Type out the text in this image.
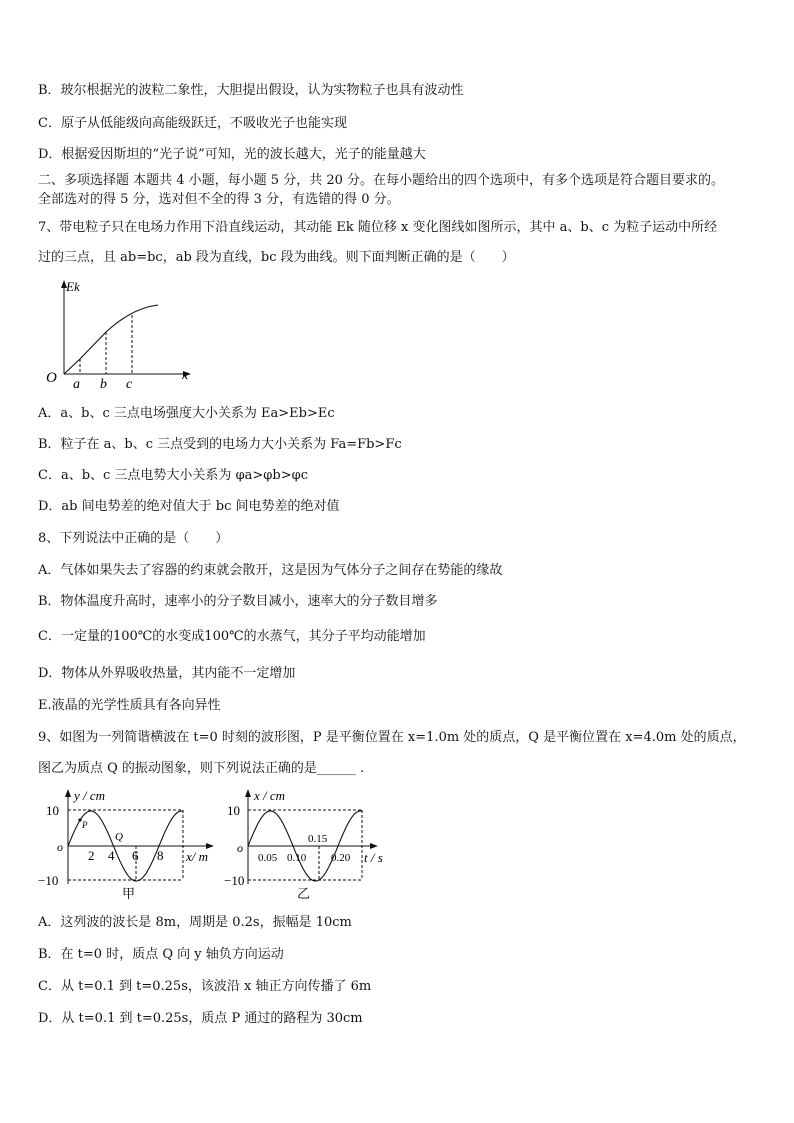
B．玻尔根据光的波粒二象性，大胆提出假设，认为实物粒子也具有波动性
C．原子从低能级向高能级跃迁，不吸收光子也能实现
D．根据爱因斯坦的“光子说”可知，光的波长越大，光子的能量越大
二、多项选择题 本题共 4 小题，每小题 5 分，共 20 分。在每小题给出的四个选项中，有多个选项是符合题目要求的。
全部选对的得 5 分，选对但不全的得 3 分，有选错的得 0 分。
7、带电粒子只在电场力作用下沿直线运动，其动能 Ek 随位移 x 变化图线如图所示，其中 a、b、c 为粒子运动中所经
过的三点，且 ab=bc，ab 段为直线，bc 段为曲线。则下面判断正确的是（　　）
Ek
x
O a b c
A．a、b、c 三点电场强度大小关系为 Ea>Eb>Ec
B．粒子在 a、b、c 三点受到的电场力大小关系为 Fa=Fb>Fc
C．a、b、c 三点电势大小关系为 φa>φb>φc
D．ab 间电势差的绝对值大于 bc 间电势差的绝对值
8、下列说法中正确的是（　　）
A．气体如果失去了容器的约束就会散开，这是因为气体分子之间存在势能的缘故
B．物体温度升高时，速率小的分子数目减小，速率大的分子数目增多
C．一定量的100℃的水变成100℃的水蒸气，其分子平均动能增加
D．物体从外界吸收热量，其内能不一定增加
E.液晶的光学性质具有各向异性
9、如图为一列简谐横波在 t=0 时刻的波形图，P 是平衡位置在 x=1.0m 处的质点，Q 是平衡位置在 x=4.0m 处的质点，
图乙为质点 Q 的振动图象，则下列说法正确的是______ .
y / cm
10
−10
o
P
Q
2 4 6 8 x/ m
甲
x / cm
10
−10
o
0.05 0.10
0.15
0.20 t / s
乙
A．这列波的波长是 8m，周期是 0.2s，振幅是 10cm
B．在 t=0 时，质点 Q 向 y 轴负方向运动
C．从 t=0.1 到 t=0.25s，该波沿 x 轴正方向传播了 6m
D．从 t=0.1 到 t=0.25s，质点 P 通过的路程为 30cm
